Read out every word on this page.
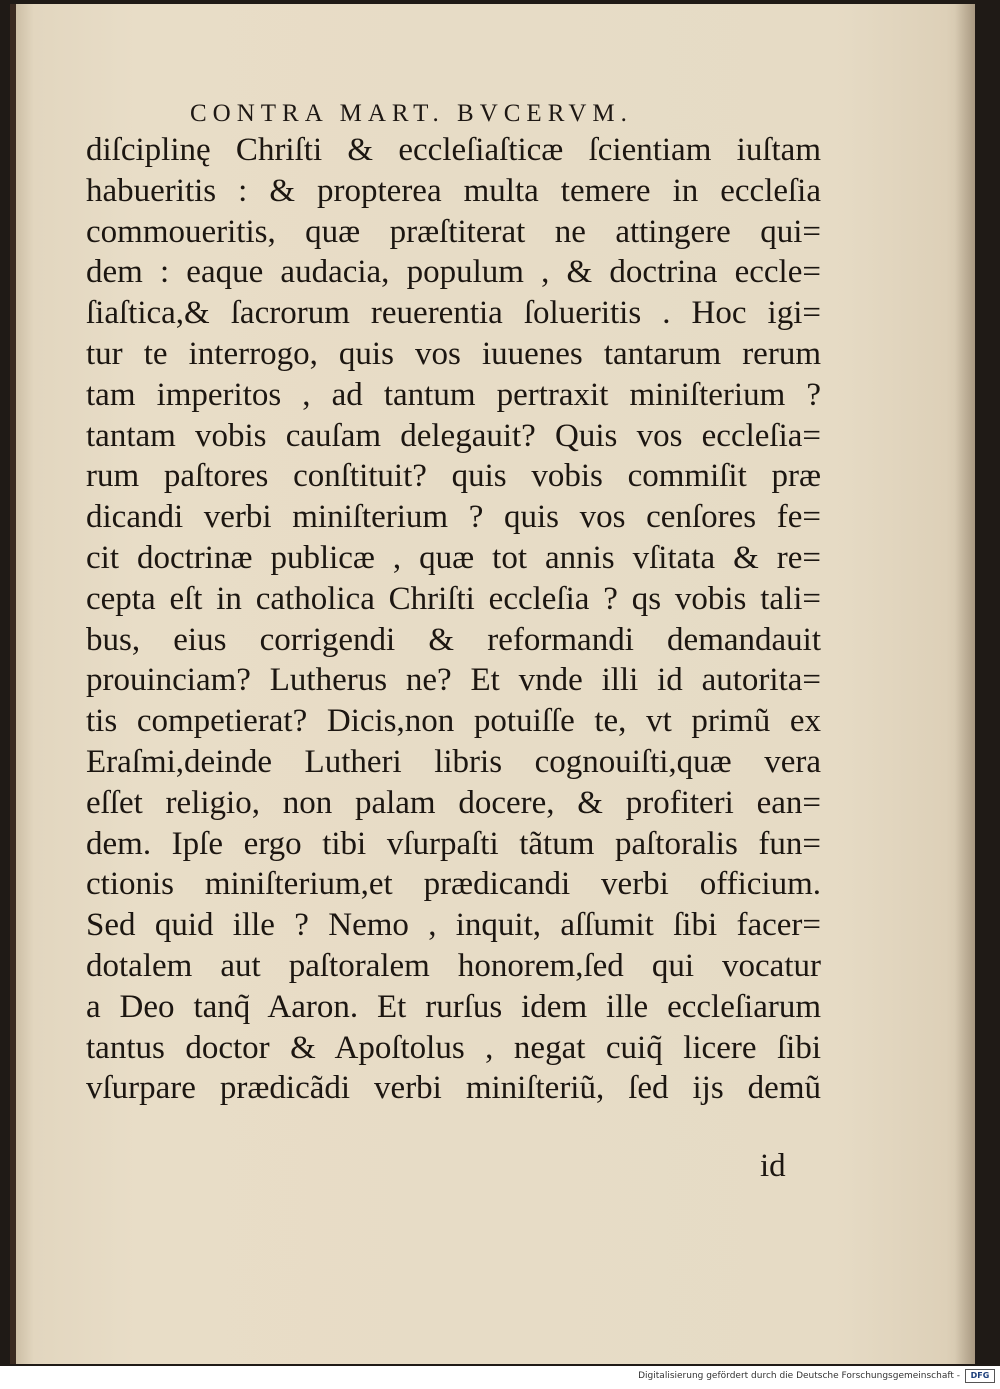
CONTRA MART. BVCERVM.
diſciplinę Chriſti & eccleſiaſticæ ſcientiam iuſtam
habueritis : & propterea multa temere in eccleſia
commoueritis, quæ præſtiterat ne attingere qui=
dem : eaque audacia, populum , & doctrina eccle=
ſiaſtica,& ſacrorum reuerentia ſolueritis . Hoc igi=
tur te interrogo, quis vos iuuenes tantarum rerum
tam imperitos , ad tantum pertraxit miniſterium ?
tantam vobis cauſam delegauit? Quis vos eccleſia=
rum paſtores conſtituit? quis vobis commiſit præ
dicandi verbi miniſterium ? quis vos cenſores fe=
cit doctrinæ publicæ , quæ tot annis vſitata & re=
cepta eſt in catholica Chriſti eccleſia ? qs vobis tali=
bus, eius corrigendi & reformandi demandauit
prouinciam? Lutherus ne? Et vnde illi id autorita=
tis competierat? Dicis,non potuiſſe te, vt primũ ex
Eraſmi,deinde Lutheri libris cognouiſti,quæ vera
eſſet religio, non palam docere, & profiteri ean=
dem. Ipſe ergo tibi vſurpaſti tãtum paſtoralis fun=
ctionis miniſterium,et prædicandi verbi officium.
Sed quid ille ? Nemo , inquit, aſſumit ſibi facer=
dotalem aut paſtoralem honorem,ſed qui vocatur
a Deo tanq̃ Aaron. Et rurſus idem ille eccleſiarum
tantus doctor & Apoſtolus , negat cuiq̃ licere ſibi
vſurpare prædicãdi verbi miniſteriũ, ſed ijs demũ
id
Digitalisierung gefördert durch die Deutsche Forschungsgemeinschaft -	DFG
